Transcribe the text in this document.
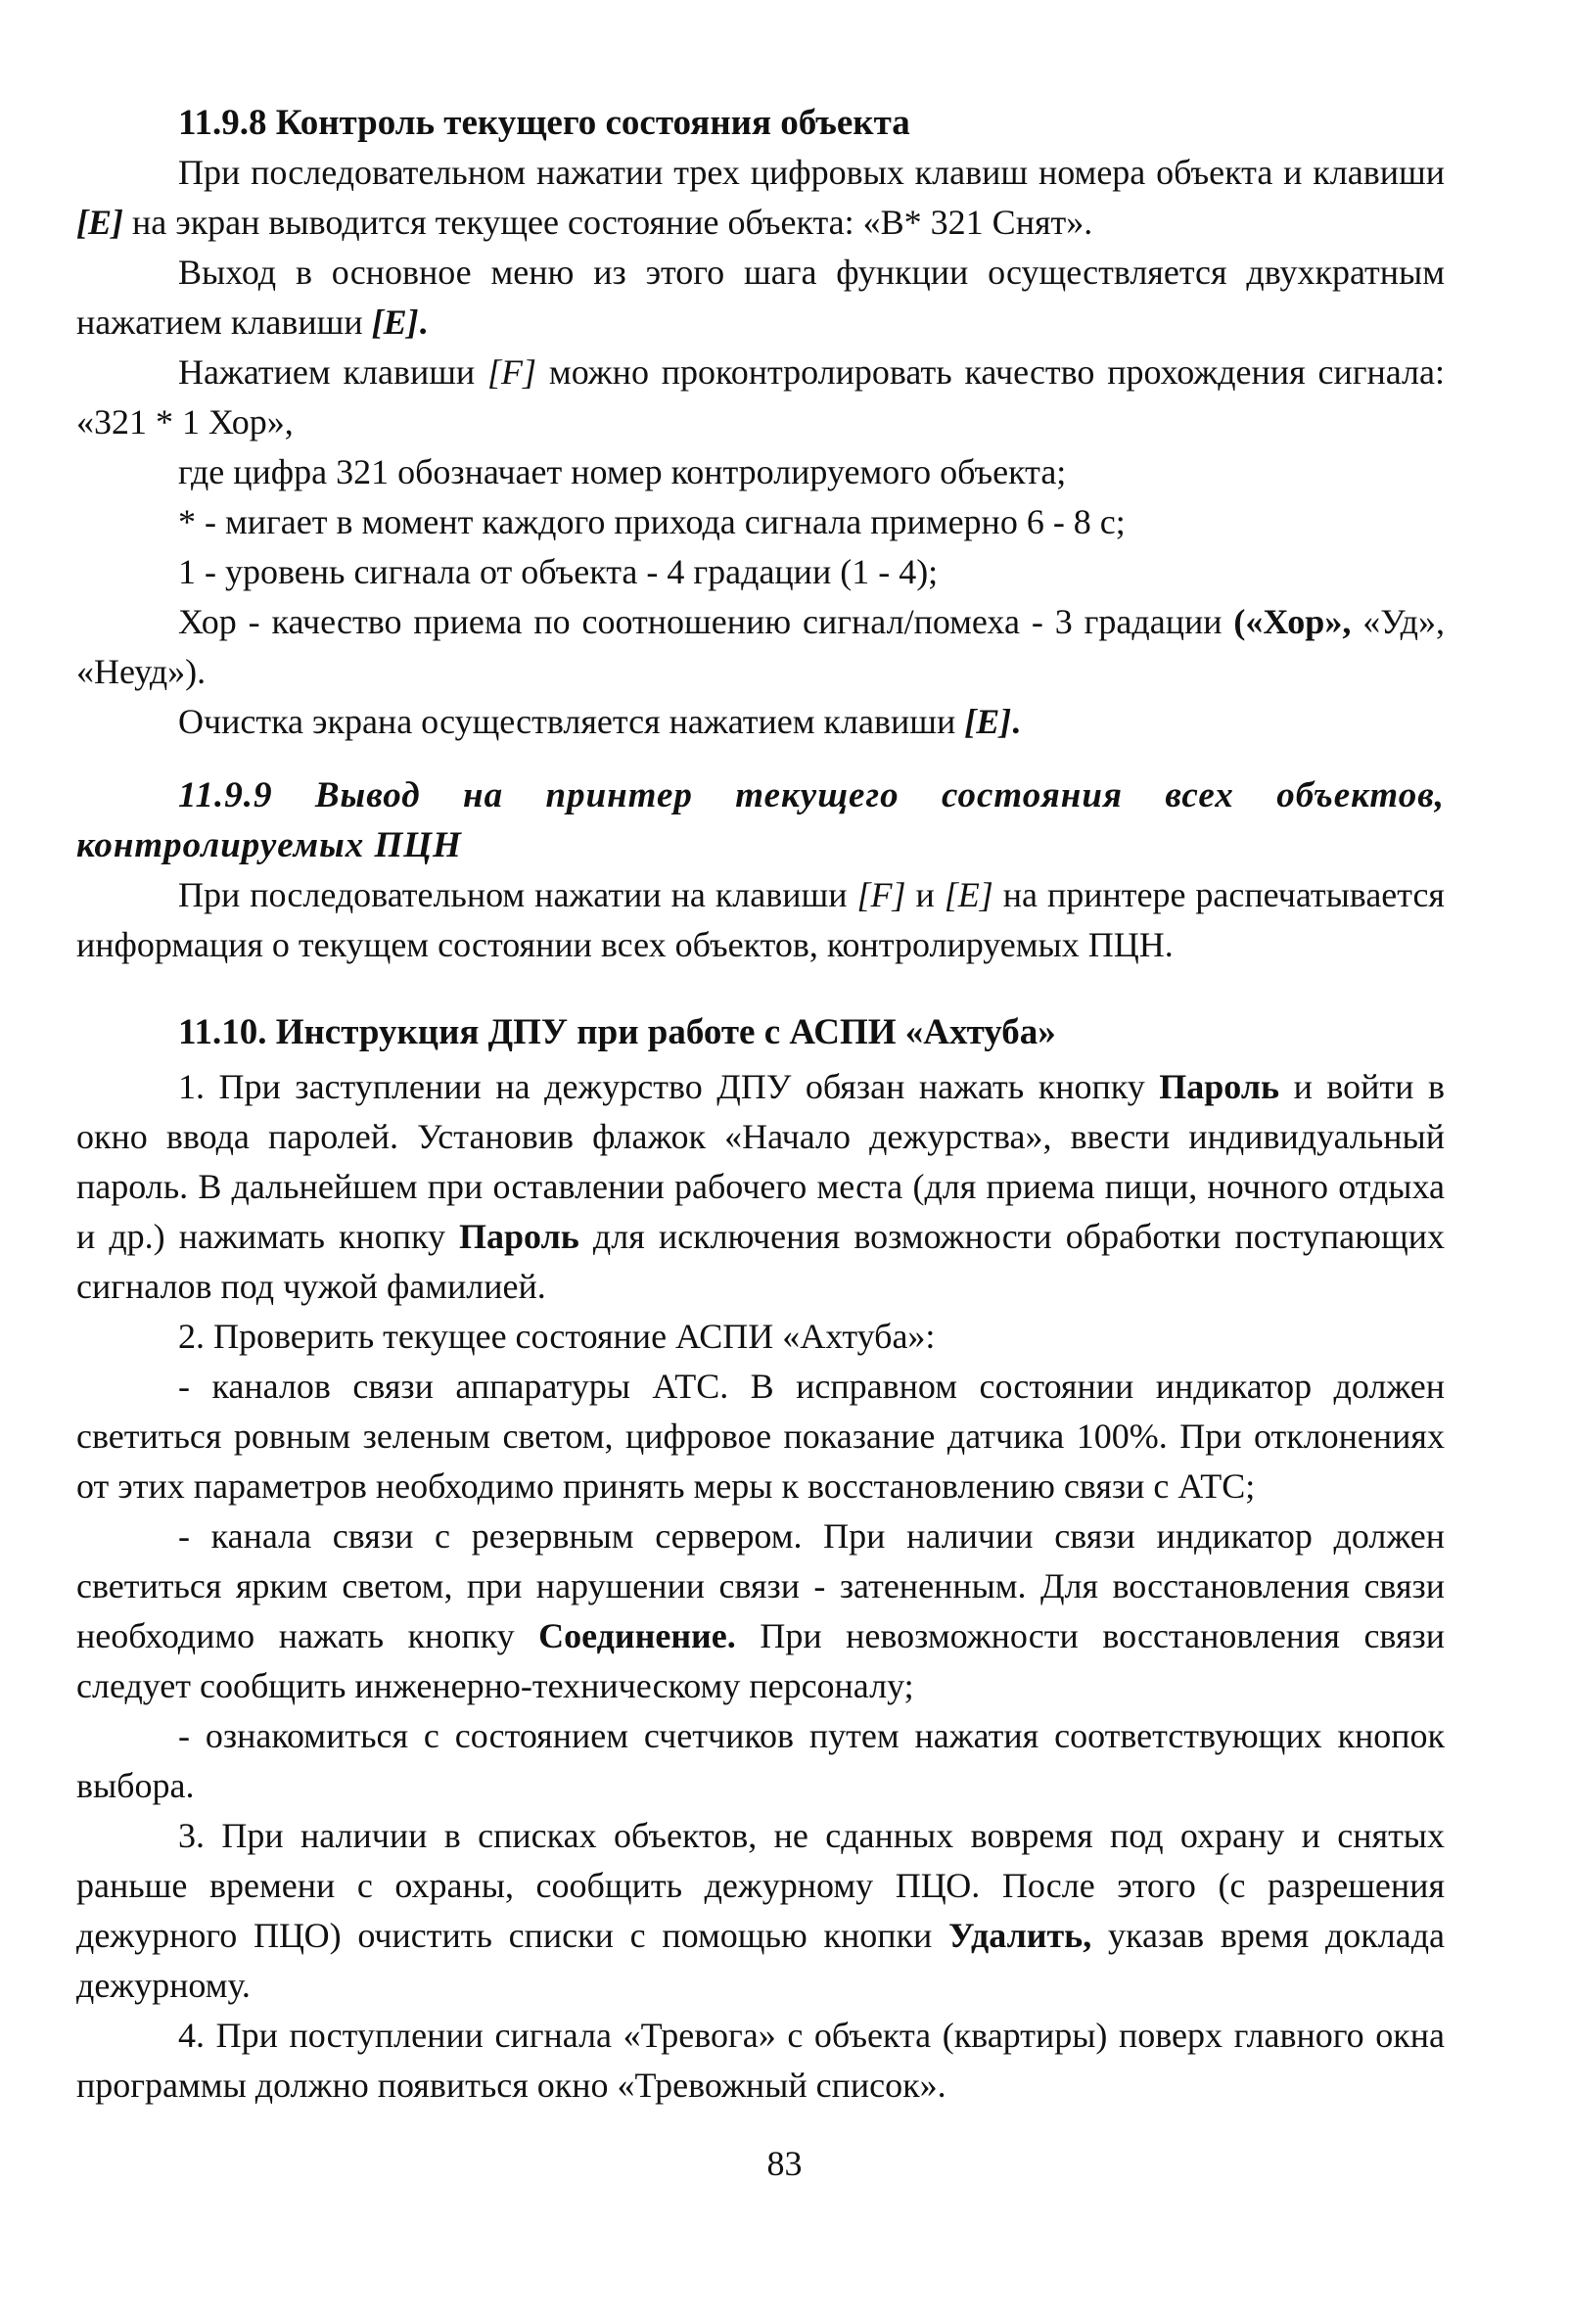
11.9.8 Контроль текущего состояния объекта

При последовательном нажатии трех цифровых клавиш номера объекта и клавиши [E] на экран выводится текущее состояние объекта: «В* 321 Снят».

Выход в основное меню из этого шага функции осуществляется двухкратным нажатием клавиши [E].

Нажатием клавиши [F] можно проконтролировать качество прохождения сигнала: «321 * 1 Хор»,

где цифра 321 обозначает номер контролируемого объекта;

* - мигает в момент каждого прихода сигнала примерно 6 - 8 с;

1 - уровень сигнала от объекта - 4 градации (1 - 4);

Хор - качество приема по соотношению сигнал/помеха - 3 градации («Хор», «Уд», «Неуд»).

Очистка экрана осуществляется нажатием клавиши [E].

11.9.9 Вывод на принтер текущего состояния всех объектов, контролируемых ПЦН

При последовательном нажатии на клавиши [F] и [E] на принтере распечатывается информация о текущем состоянии всех объектов, контролируемых ПЦН.

11.10. Инструкция ДПУ при работе с АСПИ «Ахтуба»

1. При заступлении на дежурство ДПУ обязан нажать кнопку Пароль и войти в окно ввода паролей. Установив флажок «Начало дежурства», ввести индивидуальный пароль. В дальнейшем при оставлении рабочего места (для приема пищи, ночного отдыха и др.) нажимать кнопку Пароль для исключения возможности обработки поступающих сигналов под чужой фамилией.

2. Проверить текущее состояние АСПИ «Ахтуба»:

- каналов связи аппаратуры АТС. В исправном состоянии индикатор должен светиться ровным зеленым светом, цифровое показание датчика 100%. При отклонениях от этих параметров необходимо принять меры к восстановлению связи с АТС;

- канала связи с резервным сервером. При наличии связи индикатор должен светиться ярким светом, при нарушении связи - затененным. Для восстановления связи необходимо нажать кнопку Соединение. При невозможности восстановления связи следует сообщить инженерно-техническому персоналу;

- ознакомиться с состоянием счетчиков путем нажатия соответствующих кнопок выбора.

3. При наличии в списках объектов, не сданных вовремя под охрану и снятых раньше времени с охраны, сообщить дежурному ПЦО. После этого (с разрешения дежурного ПЦО) очистить списки с помощью кнопки Удалить, указав время доклада дежурному.

4. При поступлении сигнала «Тревога» с объекта (квартиры) поверх главного окна программы должно появиться окно «Тревожный список».

83
